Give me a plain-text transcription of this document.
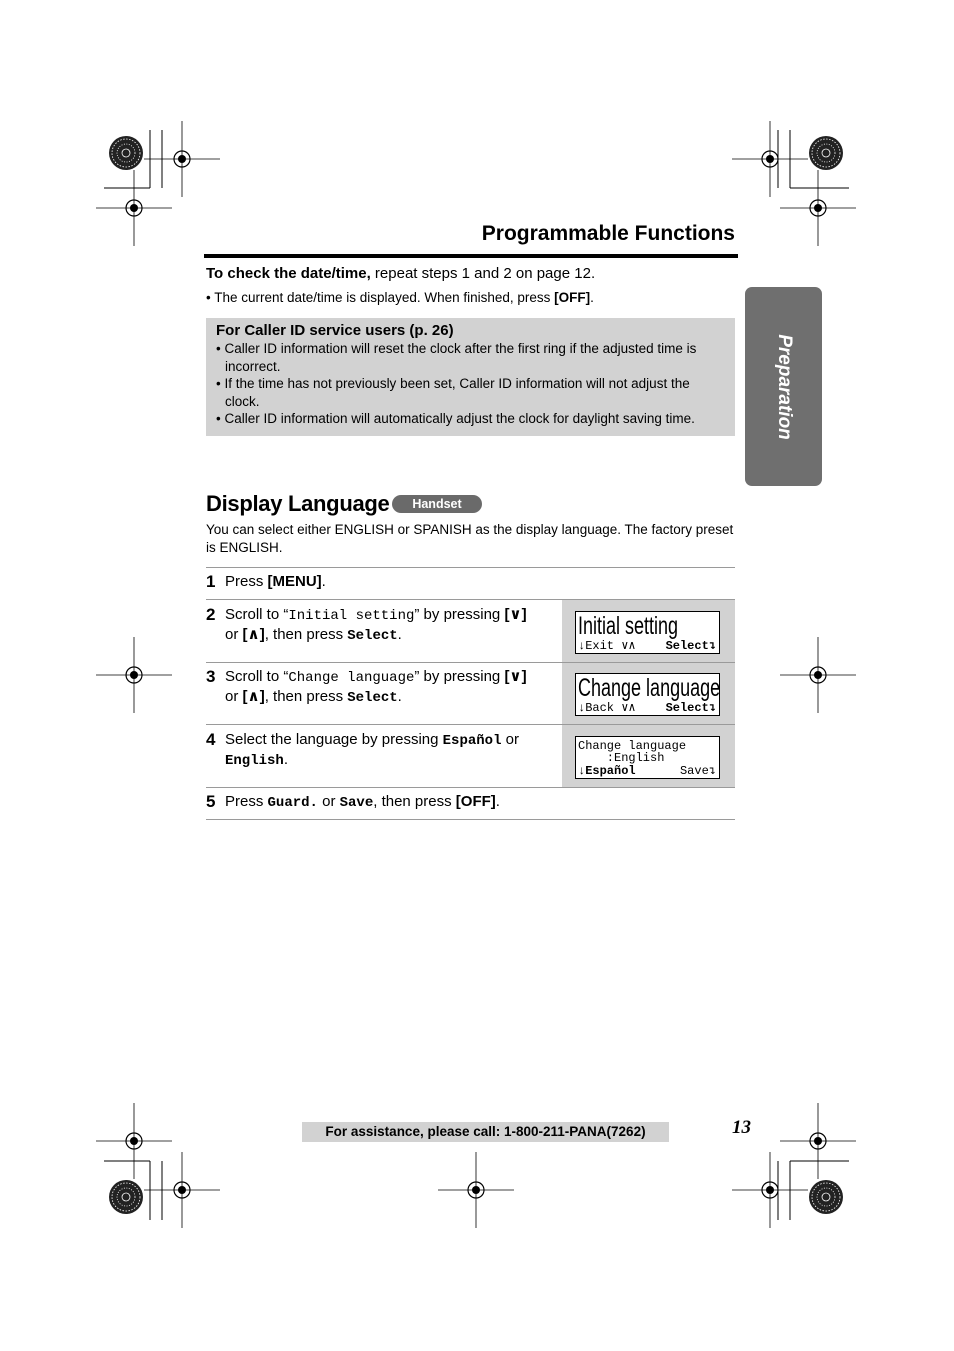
Programmable Functions
To check the date/time, repeat steps 1 and 2 on page 12.
• The current date/time is displayed. When finished, press [OFF].
For Caller ID service users (p. 26)
• Caller ID information will reset the clock after the first ring if the adjusted time is incorrect.
• If the time has not previously been set, Caller ID information will not adjust the clock.
• Caller ID information will automatically adjust the clock for daylight saving time.	Preparation
Display Language	Handset
You can select either ENGLISH or SPANISH as the display language. The factory preset is ENGLISH.
Initial setting
↓Exit ∨∧ Select↴
Change language
↓Back ∨∧ Select↴
Change language
:English
↓Español	Save↴
1 Press [MENU].
2 Scroll to “Initial setting” by pressing [∨]
or [∧], then press Select.
3 Scroll to “Change language” by pressing [∨]
or [∧], then press Select.
4 Select the language by pressing Español or
English.
5 Press Guard. or Save, then press [OFF].
For assistance, please call: 1-800-211-PANA(7262)	13
